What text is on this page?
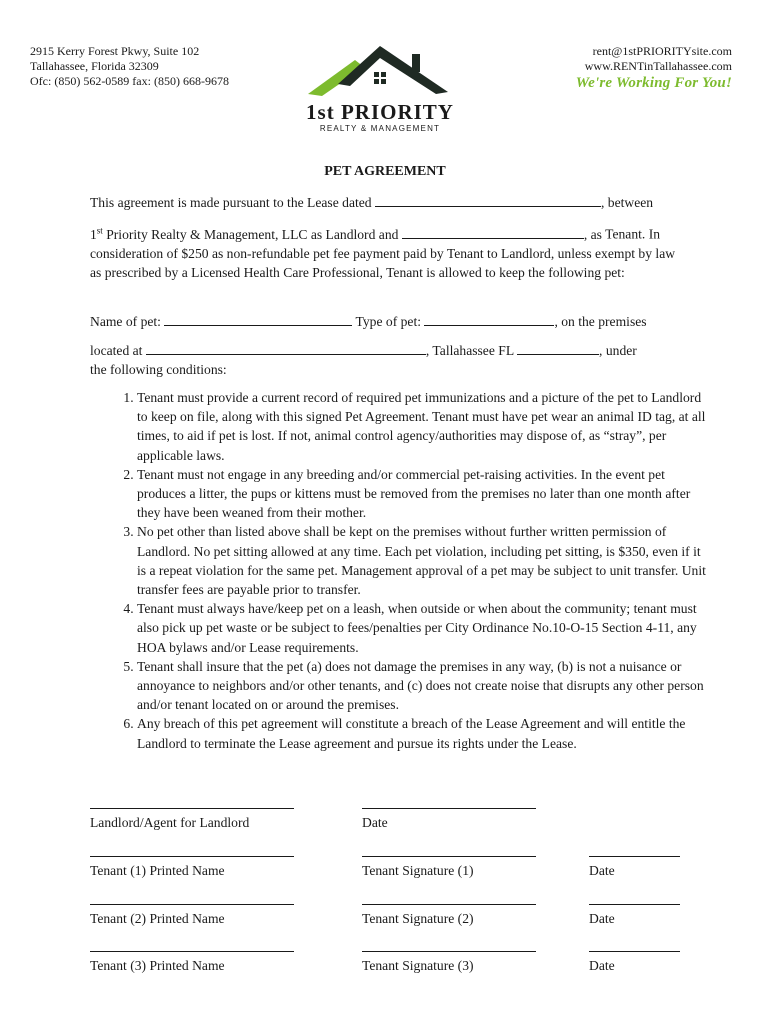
2915 Kerry Forest Pkwy, Suite 102
Tallahassee, Florida 32309
Ofc: (850) 562-0589 fax: (850) 668-9678
1st PRIORITY
REALTY & MANAGEMENT
rent@1stPRIORITYsite.com
www.RENTinTallahassee.com
We're Working For You!
PET AGREEMENT
This agreement is made pursuant to the Lease dated	, between
1st Priority Realty & Management, LLC as Landlord and	, as Tenant. In consideration of $250 as non-refundable pet fee payment paid by Tenant to Landlord, unless exempt by law as prescribed by a Licensed Health Care Professional, Tenant is allowed to keep the following pet:
Name of pet:	Type of pet:	, on the premises
located at	, Tallahassee FL	, under
the following conditions:
1. Tenant must provide a current record of required pet immunizations and a picture of the pet to Landlord to keep on file, along with this signed Pet Agreement. Tenant must have pet wear an animal ID tag, at all times, to aid if pet is lost. If not, animal control agency/authorities may dispose of, as “stray”, per applicable laws.
2. Tenant must not engage in any breeding and/or commercial pet-raising activities. In the event pet produces a litter, the pups or kittens must be removed from the premises no later than one month after they have been weaned from their mother.
3. No pet other than listed above shall be kept on the premises without further written permission of Landlord. No pet sitting allowed at any time. Each pet violation, including pet sitting, is $350, even if it is a repeat violation for the same pet. Management approval of a pet may be subject to unit transfer. Unit transfer fees are payable prior to transfer.
4. Tenant must always have/keep pet on a leash, when outside or when about the community; tenant must also pick up pet waste or be subject to fees/penalties per City Ordinance No.10-O-15 Section 4-11, any HOA bylaws and/or Lease requirements.
5. Tenant shall insure that the pet (a) does not damage the premises in any way, (b) is not a nuisance or annoyance to neighbors and/or other tenants, and (c) does not create noise that disrupts any other person and/or tenant located on or around the premises.
6. Any breach of this pet agreement will constitute a breach of the Lease Agreement and will entitle the Landlord to terminate the Lease agreement and pursue its rights under the Lease.
Landlord/Agent for Landlord	Date
Tenant (1) Printed Name	Tenant Signature (1)	Date
Tenant (2) Printed Name	Tenant Signature (2)	Date
Tenant (3) Printed Name	Tenant Signature (3)	Date
